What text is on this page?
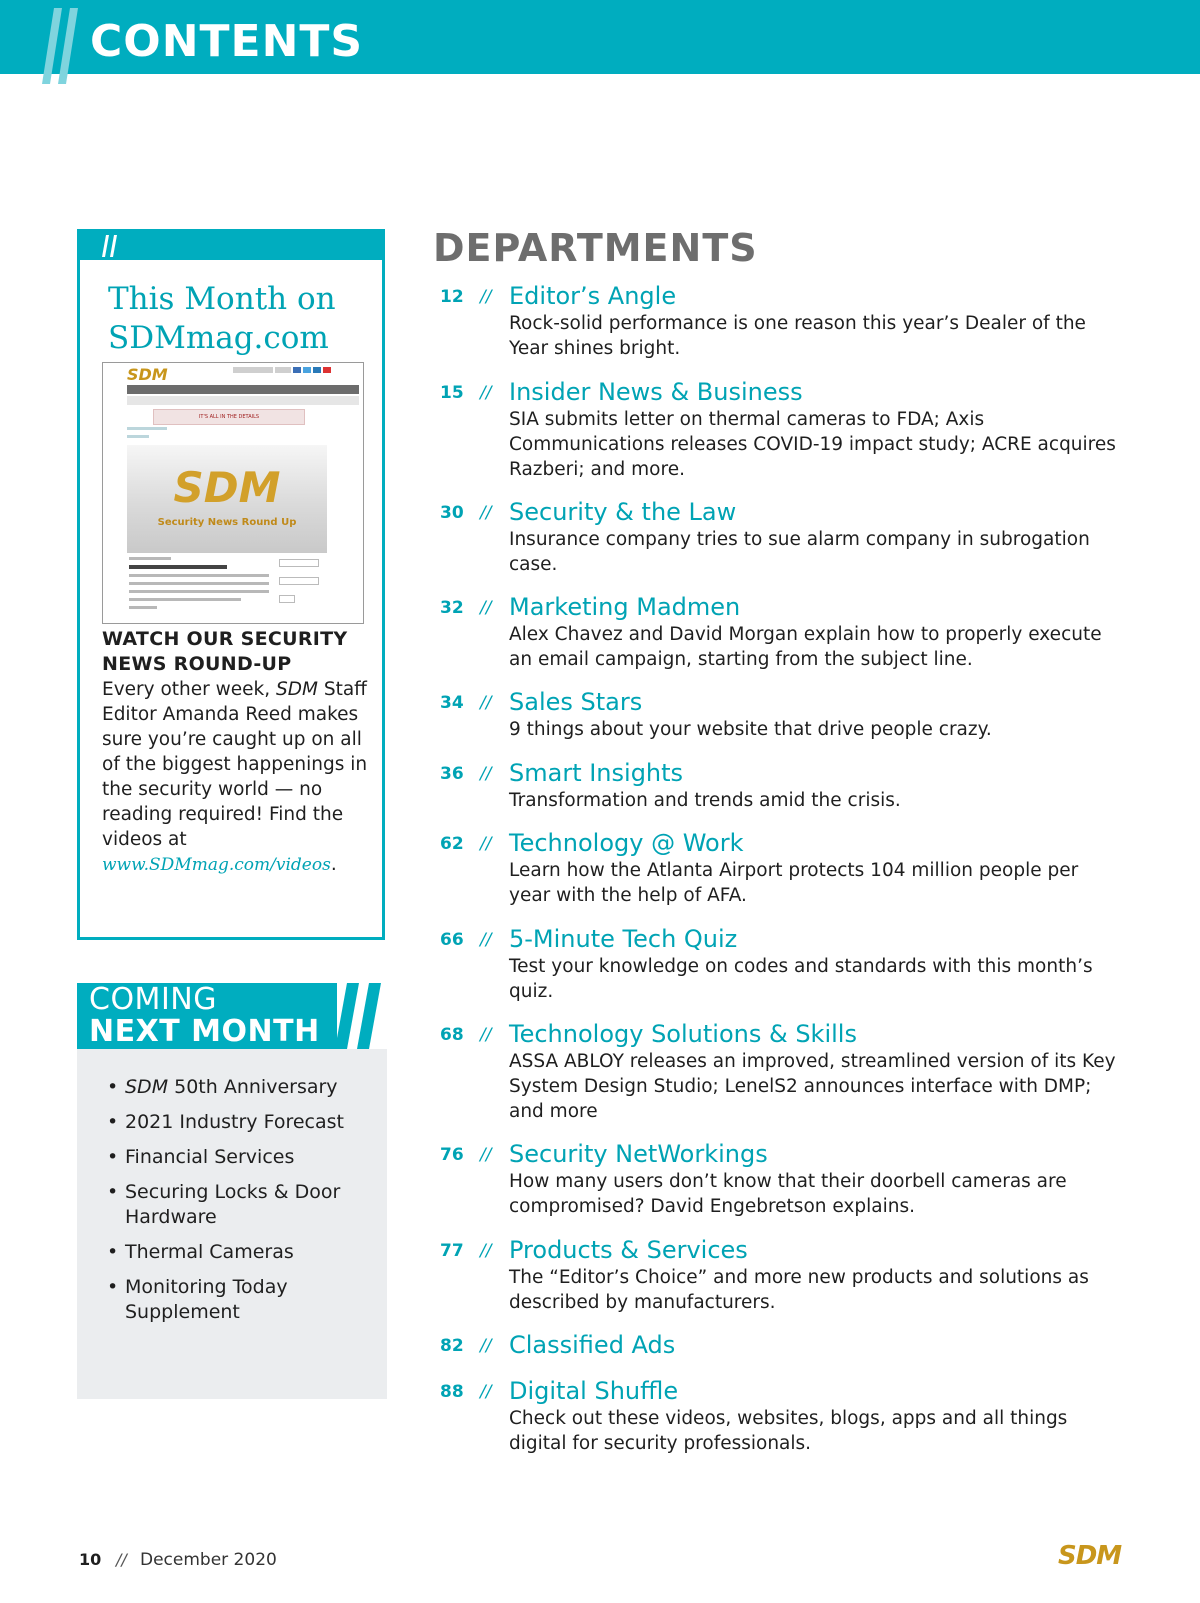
CONTENTS
This Month on
SDMmag.com
SDM
IT'S ALL IN THE DETAILS
SDM
Security News Round Up
WATCH OUR SECURITY NEWS ROUND-UP
Every other week, SDM Staff Editor Amanda Reed makes sure you’re caught up on all of the biggest happenings in the security world — no reading required! Find the videos at www.SDMmag.com/videos.
COMING
NEXT MONTH
• SDM 50th Anniversary
• 2021 Industry Forecast
• Financial Services
• Securing Locks & Door Hardware
• Thermal Cameras
• Monitoring Today Supplement
DEPARTMENTS
12 // Editor’s Angle
Rock-solid performance is one reason this year’s Dealer of the Year shines bright.
15 // Insider News & Business
SIA submits letter on thermal cameras to FDA; Axis Communications releases COVID-19 impact study; ACRE acquires Razberi; and more.
30 // Security & the Law
Insurance company tries to sue alarm company in subrogation case.
32 // Marketing Madmen
Alex Chavez and David Morgan explain how to properly execute an email campaign, starting from the subject line.
34 // Sales Stars
9 things about your website that drive people crazy.
36 // Smart Insights
Transformation and trends amid the crisis.
62 // Technology @ Work
Learn how the Atlanta Airport protects 104 million people per year with the help of AFA.
66 // 5-Minute Tech Quiz
Test your knowledge on codes and standards with this month’s quiz.
68 // Technology Solutions & Skills
ASSA ABLOY releases an improved, streamlined version of its Key System Design Studio; LenelS2 announces interface with DMP; and more
76 // Security NetWorkings
How many users don’t know that their doorbell cameras are compromised? David Engebretson explains.
77 // Products & Services
The “Editor’s Choice” and more new products and solutions as described by manufacturers.
82 // Classified Ads
88 // Digital Shuffle
Check out these videos, websites, blogs, apps and all things digital for security professionals.
10 // December 2020	SDM
